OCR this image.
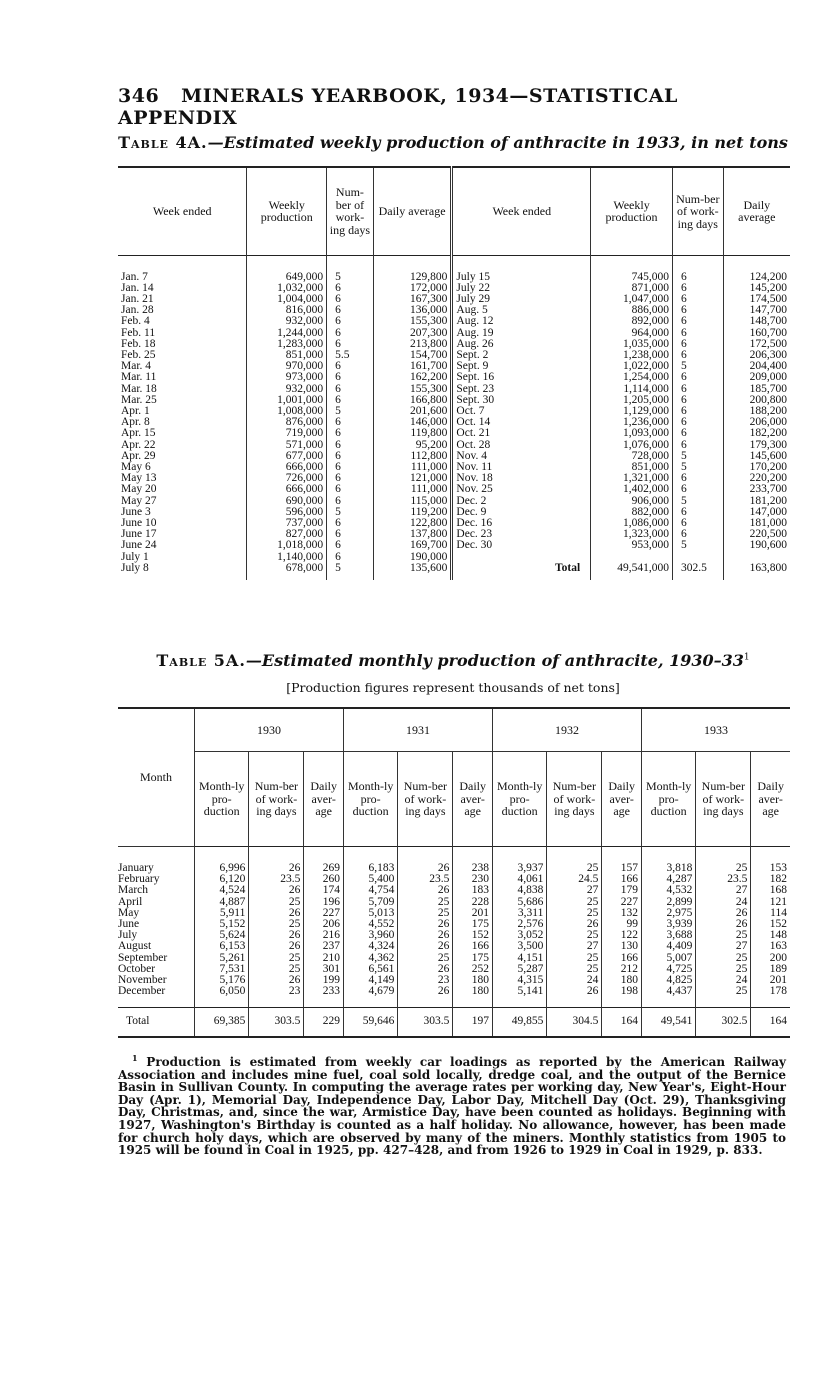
346 MINERALS YEARBOOK, 1934—STATISTICAL APPENDIX
Table 4A.—Estimated weekly production of anthracite in 1933, in net tons
Week ended	Weekly production	Num-ber of work-ing days	Daily average	Week ended	Weekly production	Num-ber of work-ing days	Daily average
Jan. 7	649,000	5	129,800	July 15	745,000	6	124,200
Jan. 14	1,032,000	6	172,000	July 22	871,000	6	145,200
Jan. 21	1,004,000	6	167,300	July 29	1,047,000	6	174,500
Jan. 28	816,000	6	136,000	Aug. 5	886,000	6	147,700
Feb. 4	932,000	6	155,300	Aug. 12	892,000	6	148,700
Feb. 11	1,244,000	6	207,300	Aug. 19	964,000	6	160,700
Feb. 18	1,283,000	6	213,800	Aug. 26	1,035,000	6	172,500
Feb. 25	851,000	5.5	154,700	Sept. 2	1,238,000	6	206,300
Mar. 4	970,000	6	161,700	Sept. 9	1,022,000	5	204,400
Mar. 11	973,000	6	162,200	Sept. 16	1,254,000	6	209,000
Mar. 18	932,000	6	155,300	Sept. 23	1,114,000	6	185,700
Mar. 25	1,001,000	6	166,800	Sept. 30	1,205,000	6	200,800
Apr. 1	1,008,000	5	201,600	Oct. 7	1,129,000	6	188,200
Apr. 8	876,000	6	146,000	Oct. 14	1,236,000	6	206,000
Apr. 15	719,000	6	119,800	Oct. 21	1,093,000	6	182,200
Apr. 22	571,000	6	95,200	Oct. 28	1,076,000	6	179,300
Apr. 29	677,000	6	112,800	Nov. 4	728,000	5	145,600
May 6	666,000	6	111,000	Nov. 11	851,000	5	170,200
May 13	726,000	6	121,000	Nov. 18	1,321,000	6	220,200
May 20	666,000	6	111,000	Nov. 25	1,402,000	6	233,700
May 27	690,000	6	115,000	Dec. 2	906,000	5	181,200
June 3	596,000	5	119,200	Dec. 9	882,000	6	147,000
June 10	737,000	6	122,800	Dec. 16	1,086,000	6	181,000
June 17	827,000	6	137,800	Dec. 23	1,323,000	6	220,500
June 24	1,018,000	6	169,700	Dec. 30	953,000	5	190,600
July 1	1,140,000	6	190,000				
July 8	678,000	5	135,600	Total	49,541,000	302.5	163,800
Table 5A.—Estimated monthly production of anthracite, $1930-33^1$
[Production figures represent thousands of net tons]
Month	1930			1931			1932			1933		
	Month-ly pro-duction	Num-ber of work-ing days	Daily aver-age	Month-ly pro-duction	Num-ber of work-ing days	Daily aver-age	Month-ly pro-duction	Num-ber of work-ing days	Daily aver-age	Month-ly pro-duction	Num-ber of work-ing days	Daily aver-age
January	6,996	26	269	6,183	26	238	3,937	25	157	3,818	25	153
February	6,120	23.5	260	5,400	23.5	230	4,061	24.5	166	4,287	23.5	182
March	4,524	26	174	4,754	26	183	4,838	27	179	4,532	27	168
April	4,887	25	196	5,709	25	228	5,686	25	227	2,899	24	121
May	5,911	26	227	5,013	25	201	3,311	25	132	2,975	26	114
June	5,152	25	206	4,552	26	175	2,576	26	99	3,939	26	152
July	5,624	26	216	3,960	26	152	3,052	25	122	3,688	25	148
August	6,153	26	237	4,324	26	166	3,500	27	130	4,409	27	163
September	5,261	25	210	4,362	25	175	4,151	25	166	5,007	25	200
October	7,531	25	301	6,561	26	252	5,287	25	212	4,725	25	189
November	5,176	26	199	4,149	23	180	4,315	24	180	4,825	24	201
December	6,050	23	233	4,679	26	180	5,141	26	198	4,437	25	178
Total	69,385	303.5	229	59,646	303.5	197	49,855	304.5	164	49,541	302.5	164
$^1$ Production is estimated from weekly car loadings as reported by the American Railway Association and includes mine fuel, coal sold locally, dredge coal, and the output of the Bernice Basin in Sullivan County. In computing the average rates per working day, New Year's, Eight-Hour Day (Apr. 1), Memorial Day, Independence Day, Labor Day, Mitchell Day (Oct. 29), Thanksgiving Day, Christmas, and, since the war, Armistice Day, have been counted as holidays. Beginning with 1927, Washington's Birthday is counted as a half holiday. No allowance, however, has been made for church holy days, which are observed by many of the miners. Monthly statistics from 1905 to 1925 will be found in Coal in 1925, pp. 427–428, and from 1926 to 1929 in Coal in 1929, p. 833.
